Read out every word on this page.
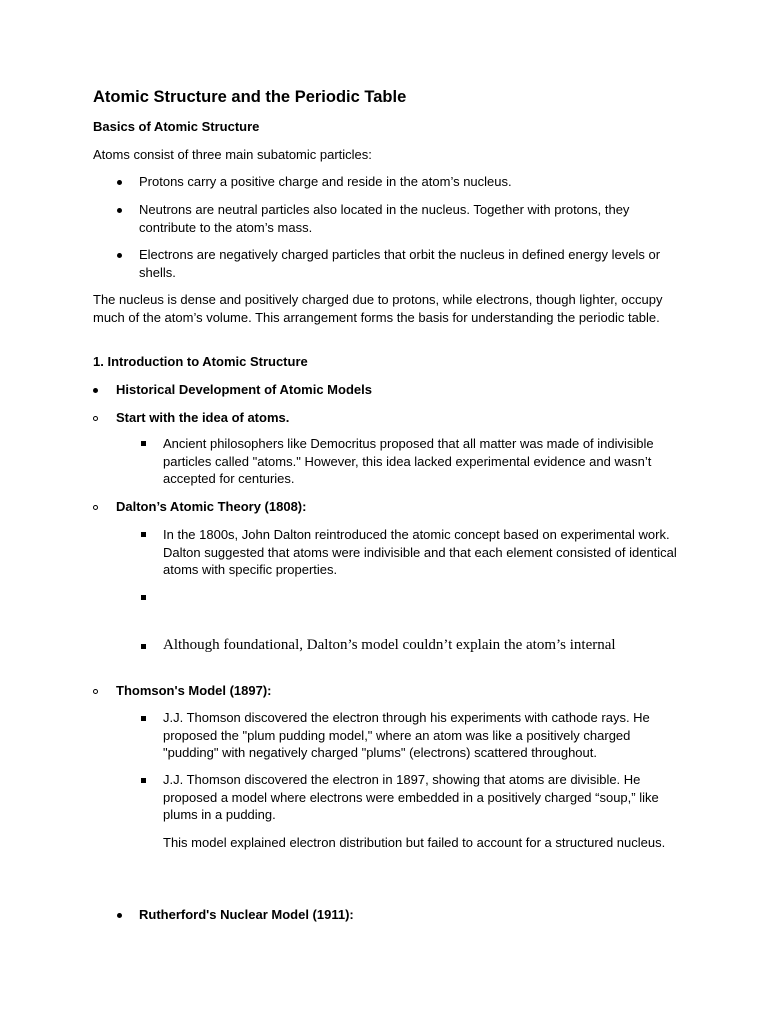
Atomic Structure and the Periodic Table

Basics of Atomic Structure

Atoms consist of three main subatomic particles:

Protons carry a positive charge and reside in the atom’s nucleus.

Neutrons are neutral particles also located in the nucleus. Together with protons, they contribute to the atom’s mass.

Electrons are negatively charged particles that orbit the nucleus in defined energy levels or shells.

The nucleus is dense and positively charged due to protons, while electrons, though lighter, occupy much of the atom’s volume. This arrangement forms the basis for understanding the periodic table.

1. Introduction to Atomic Structure

Historical Development of Atomic Models

Start with the idea of atoms.

Ancient philosophers like Democritus proposed that all matter was made of indivisible particles called "atoms." However, this idea lacked experimental evidence and wasn’t accepted for centuries.

Dalton’s Atomic Theory (1808):

In the 1800s, John Dalton reintroduced the atomic concept based on experimental work. Dalton suggested that atoms were indivisible and that each element consisted of identical atoms with specific properties.

Although foundational, Dalton’s model couldn’t explain the atom’s internal

Thomson's Model (1897):

J.J. Thomson discovered the electron through his experiments with cathode rays. He proposed the "plum pudding model," where an atom was like a positively charged "pudding" with negatively charged "plums" (electrons) scattered throughout.

J.J. Thomson discovered the electron in 1897, showing that atoms are divisible. He proposed a model where electrons were embedded in a positively charged “soup,” like plums in a pudding.

This model explained electron distribution but failed to account for a structured nucleus.

Rutherford's Nuclear Model (1911):
